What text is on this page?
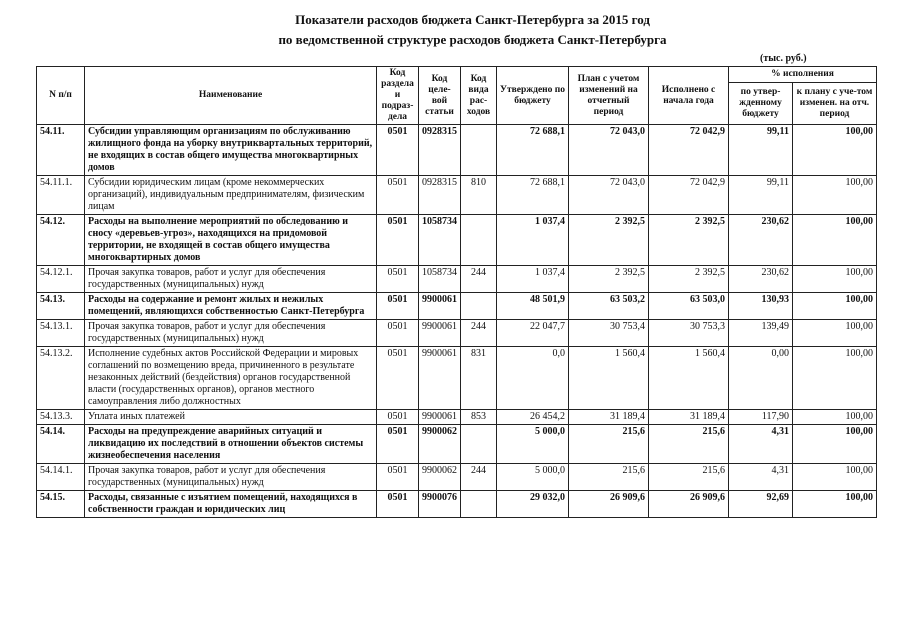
Показатели расходов бюджета Санкт-Петербурга за 2015 год
по ведомственной структуре расходов бюджета Санкт-Петербурга
(тыс. руб.)
N п/п	Наименование	Код раздела и подраз-дела	Код целе-вой статьи	Код вида рас-ходов	Утверждено по бюджету	План с учетом изменений на отчетный период	Исполнено с начала года	% исполнения	
								по утвер-жденному бюджету	к плану с уче-том изменен. на отч. период
54.11.	Субсидии управляющим организациям по обслуживанию жилищного фонда на уборку внутриквартальных территорий, не входящих в состав общего имущества многоквартирных домов	0501	0928315		72 688,1	72 043,0	72 042,9	99,11	100,00
54.11.1.	Субсидии юридическим лицам (кроме некоммерческих организаций), индивидуальным предпринимателям, физическим лицам	0501	0928315	810	72 688,1	72 043,0	72 042,9	99,11	100,00
54.12.	Расходы на выполнение мероприятий по обследованию и сносу «деревьев-угроз», находящихся на придомовой территории, не входящей в состав общего имущества многоквартирных домов	0501	1058734		1 037,4	2 392,5	2 392,5	230,62	100,00
54.12.1.	Прочая закупка товаров, работ и услуг для обеспечения государственных (муниципальных) нужд	0501	1058734	244	1 037,4	2 392,5	2 392,5	230,62	100,00
54.13.	Расходы на содержание и ремонт жилых и нежилых помещений, являющихся собственностью Санкт-Петербурга	0501	9900061		48 501,9	63 503,2	63 503,0	130,93	100,00
54.13.1.	Прочая закупка товаров, работ и услуг для обеспечения государственных (муниципальных) нужд	0501	9900061	244	22 047,7	30 753,4	30 753,3	139,49	100,00
54.13.2.	Исполнение судебных актов Российской Федерации и мировых соглашений по возмещению вреда, причиненного в результате незаконных действий (бездействия) органов государственной власти (государственных органов), органов местного самоуправления либо должностных	0501	9900061	831	0,0	1 560,4	1 560,4	0,00	100,00
54.13.3.	Уплата иных платежей	0501	9900061	853	26 454,2	31 189,4	31 189,4	117,90	100,00
54.14.	Расходы на предупреждение аварийных ситуаций и ликвидацию их последствий в отношении объектов системы жизнеобеспечения населения	0501	9900062		5 000,0	215,6	215,6	4,31	100,00
54.14.1.	Прочая закупка товаров, работ и услуг для обеспечения государственных (муниципальных) нужд	0501	9900062	244	5 000,0	215,6	215,6	4,31	100,00
54.15.	Расходы, связанные с изъятием помещений, находящихся в собственности граждан и юридических лиц	0501	9900076		29 032,0	26 909,6	26 909,6	92,69	100,00
